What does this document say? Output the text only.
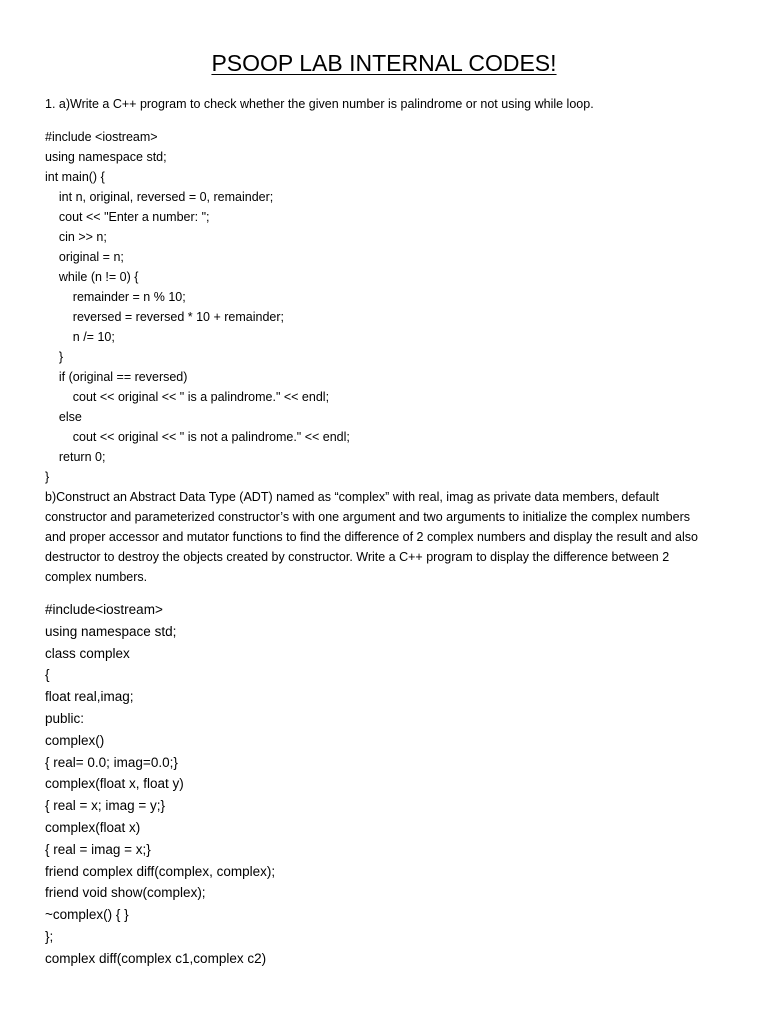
PSOOP LAB INTERNAL CODES!
1. a)Write a C++ program to check whether the given number is palindrome or not using while loop.
#include <iostream>
using namespace std;
int main() {
int n, original, reversed = 0, remainder;
cout << "Enter a number: ";
cin >> n;
original = n;
while (n != 0) {
remainder = n % 10;
reversed = reversed * 10 + remainder;
n /= 10;
}
if (original == reversed)
cout << original << " is a palindrome." << endl;
else
cout << original << " is not a palindrome." << endl;
return 0;
}
b)Construct an Abstract Data Type (ADT) named as “complex” with real, imag as private data members, default
constructor and parameterized constructor’s with one argument and two arguments to initialize the complex numbers
and proper accessor and mutator functions to find the difference of 2 complex numbers and display the result and also
destructor to destroy the objects created by constructor. Write a C++ program to display the difference between 2
complex numbers.
#include<iostream>
using namespace std;
class complex
{
float real,imag;
public:
complex()
{ real= 0.0; imag=0.0;}
complex(float x, float y)
{ real = x; imag = y;}
complex(float x)
{ real = imag = x;}
friend complex diff(complex, complex);
friend void show(complex);
~complex() { }
};
complex diff(complex c1,complex c2)
